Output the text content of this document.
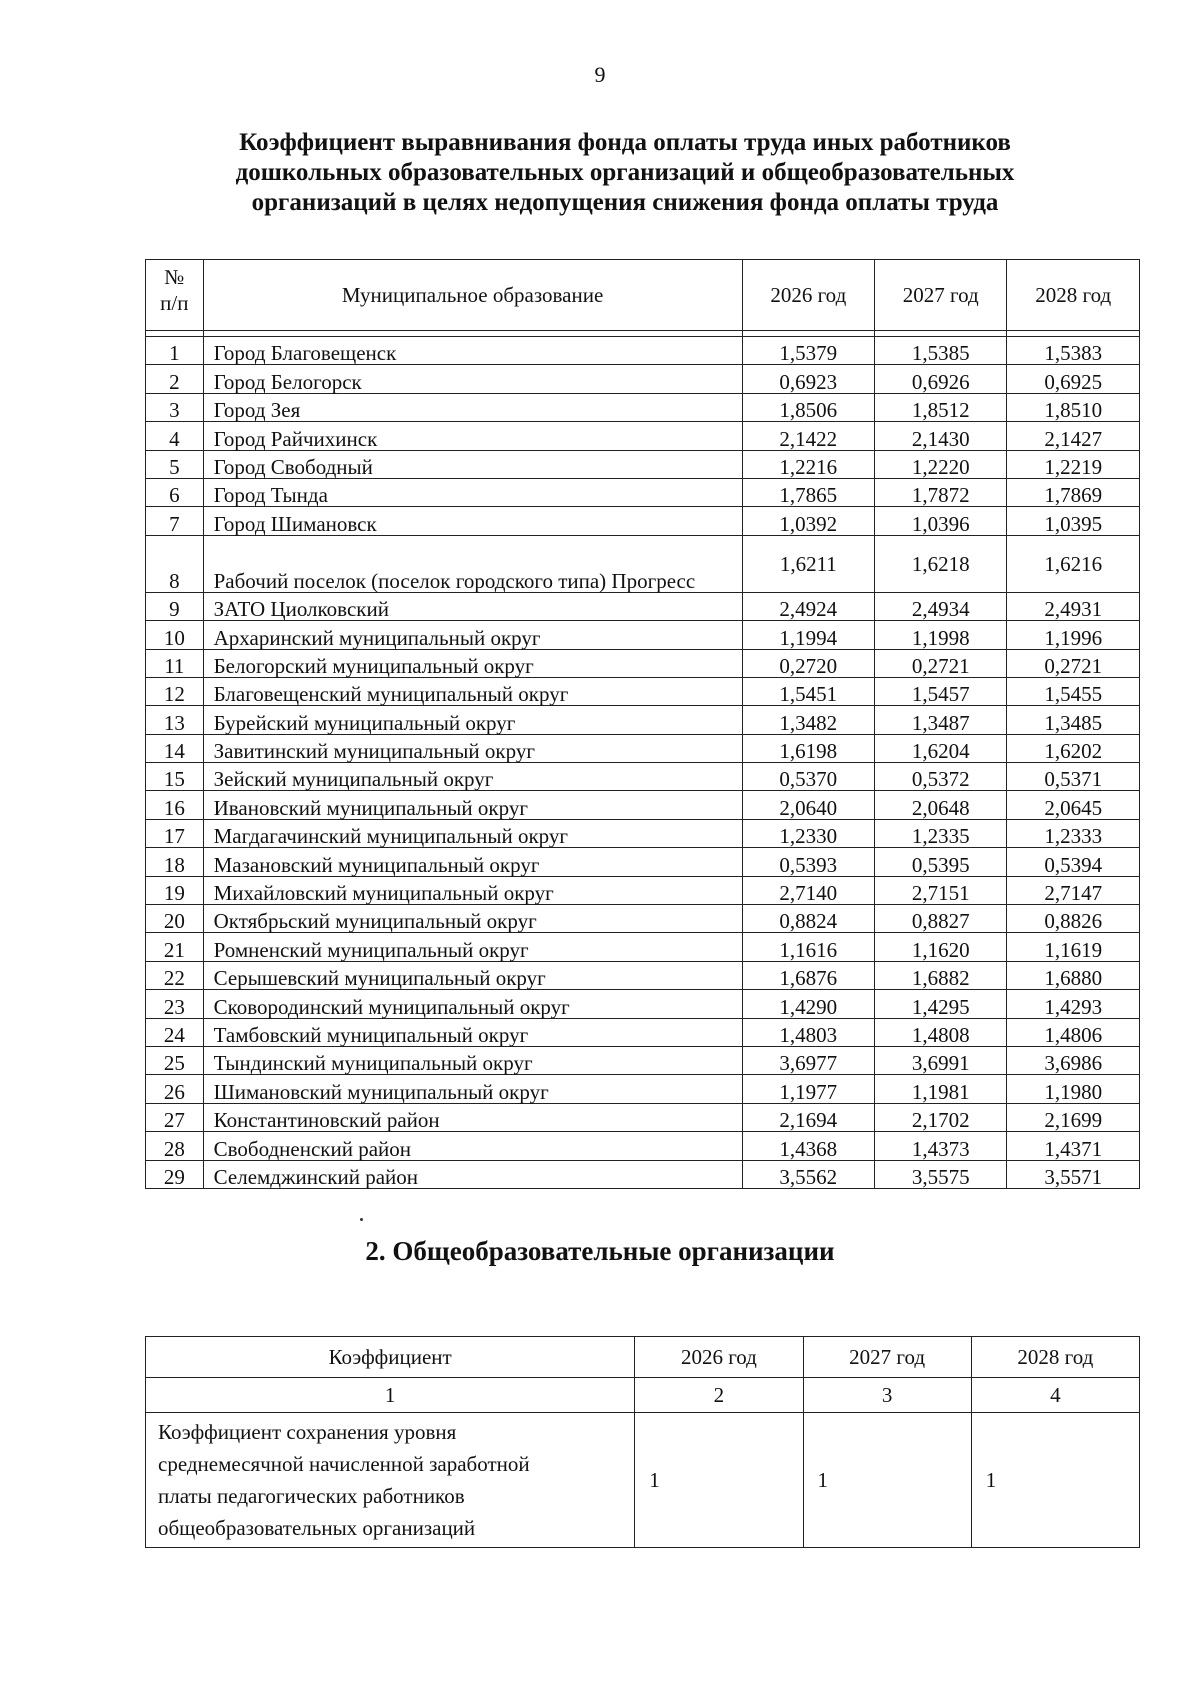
9
Коэффициент выравнивания фонда оплаты труда иных работников
дошкольных образовательных организаций и общеобразовательных
организаций в целях недопущения снижения фонда оплаты труда
№
п/п	Муниципальное образование	2026 год	2027 год	2028 год

1	Город Благовещенск	1,5379	1,5385	1,5383
2	Город Белогорск	0,6923	0,6926	0,6925
3	Город Зея	1,8506	1,8512	1,8510
4	Город Райчихинск	2,1422	2,1430	2,1427
5	Город Свободный	1,2216	1,2220	1,2219
6	Город Тында	1,7865	1,7872	1,7869
7	Город Шимановск	1,0392	1,0396	1,0395
8	Рабочий поселок (поселок городского типа) Прогресс	1,6211	1,6218	1,6216
9	ЗАТО Циолковский	2,4924	2,4934	2,4931
10	Архаринский муниципальный округ	1,1994	1,1998	1,1996
11	Белогорский муниципальный округ	0,2720	0,2721	0,2721
12	Благовещенский муниципальный округ	1,5451	1,5457	1,5455
13	Бурейский муниципальный округ	1,3482	1,3487	1,3485
14	Завитинский муниципальный округ	1,6198	1,6204	1,6202
15	Зейский муниципальный округ	0,5370	0,5372	0,5371
16	Ивановский муниципальный округ	2,0640	2,0648	2,0645
17	Магдагачинский муниципальный округ	1,2330	1,2335	1,2333
18	Мазановский муниципальный округ	0,5393	0,5395	0,5394
19	Михайловский муниципальный округ	2,7140	2,7151	2,7147
20	Октябрьский муниципальный округ	0,8824	0,8827	0,8826
21	Ромненский муниципальный округ	1,1616	1,1620	1,1619
22	Серышевский муниципальный округ	1,6876	1,6882	1,6880
23	Сковородинский муниципальный округ	1,4290	1,4295	1,4293
24	Тамбовский муниципальный округ	1,4803	1,4808	1,4806
25	Тындинский муниципальный округ	3,6977	3,6991	3,6986
26	Шимановский муниципальный округ	1,1977	1,1981	1,1980
27	Константиновский район	2,1694	2,1702	2,1699
28	Свободненский район	1,4368	1,4373	1,4371
29	Селемджинский район	3,5562	3,5575	3,5571
2. Общеобразовательные организации
Коэффициент	2026 год	2027 год	2028 год
1	2	3	4

Коэффициент сохранения уровня
среднемесячной начисленной заработной
платы педагогических работников
общеобразовательных организаций	1	1	1
